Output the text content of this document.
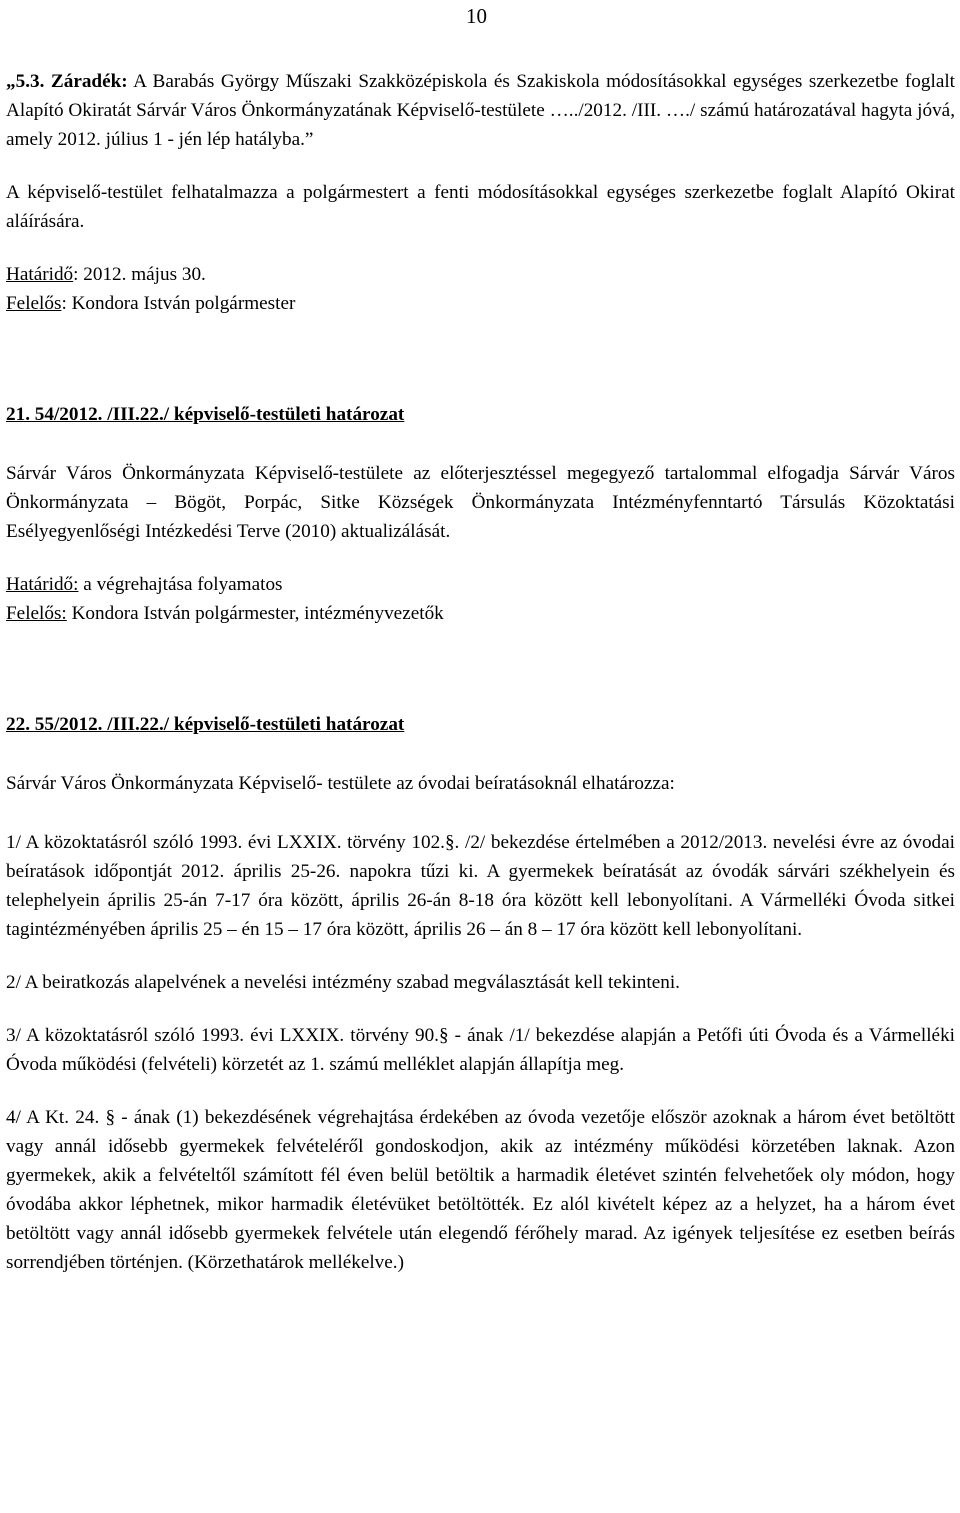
10

„5.3. Záradék: A Barabás György Műszaki Szakközépiskola és Szakiskola módosításokkal egységes szerkezetbe foglalt Alapító Okiratát Sárvár Város Önkormányzatának Képviselő-testülete …../2012. /III. …./ számú határozatával hagyta jóvá, amely 2012. július 1 - jén lép hatályba.”

A képviselő-testület felhatalmazza a polgármestert a fenti módosításokkal egységes szerkezetbe foglalt Alapító Okirat aláírására.

Határidő: 2012. május 30.

Felelős: Kondora István polgármester

21. 54/2012. /III.22./ képviselő-testületi határozat

Sárvár Város Önkormányzata Képviselő-testülete az előterjesztéssel megegyező tartalommal elfogadja Sárvár Város Önkormányzata – Bögöt, Porpác, Sitke Községek Önkormányzata Intézményfenntartó Társulás Közoktatási Esélyegyenlőségi Intézkedési Terve (2010) aktualizálását.

Határidő: a végrehajtása folyamatos

Felelős: Kondora István polgármester, intézményvezetők

22. 55/2012. /III.22./ képviselő-testületi határozat

Sárvár Város Önkormányzata Képviselő- testülete az óvodai beíratásoknál elhatározza:

1/ A közoktatásról szóló 1993. évi LXXIX. törvény 102.§. /2/ bekezdése értelmében a 2012/2013. nevelési évre az óvodai beíratások időpontját 2012. április 25-26. napokra tűzi ki. A gyermekek beíratását az óvodák sárvári székhelyein és telephelyein április 25-án 7-17 óra között, április 26-án 8-18 óra között kell lebonyolítani. A Vármelléki Óvoda sitkei tagintézményében április 25 – én 15 – 17 óra között, április 26 – án 8 – 17 óra között kell lebonyolítani.

2/ A beiratkozás alapelvének a nevelési intézmény szabad megválasztását kell tekinteni.

3/ A közoktatásról szóló 1993. évi LXXIX. törvény 90.§ - ának /1/ bekezdése alapján a Petőfi úti Óvoda és a Vármelléki Óvoda működési (felvételi) körzetét az 1. számú melléklet alapján állapítja meg.

4/ A Kt. 24. § - ának (1) bekezdésének végrehajtása érdekében az óvoda vezetője először azoknak a három évet betöltött vagy annál idősebb gyermekek felvételéről gondoskodjon, akik az intézmény működési körzetében laknak. Azon gyermekek, akik a felvételtől számított fél éven belül betöltik a harmadik életévet szintén felvehetőek oly módon, hogy óvodába akkor léphetnek, mikor harmadik életévüket betöltötték. Ez alól kivételt képez az a helyzet, ha a három évet betöltött vagy annál idősebb gyermekek felvétele után elegendő férőhely marad. Az igények teljesítése ez esetben beírás sorrendjében történjen. (Körzethatárok mellékelve.)
